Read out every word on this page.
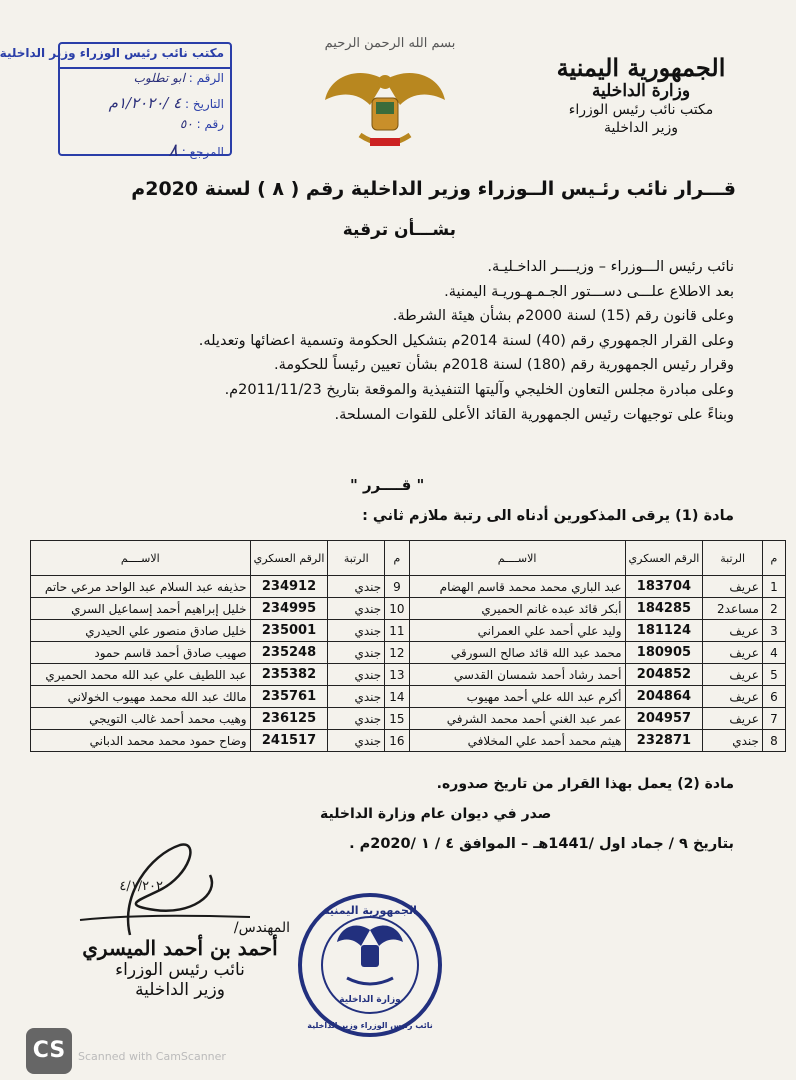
بسم الله الرحمن الرحيم
الجمهورية اليمنية
وزارة الداخلية
مكتب نائب رئيس الوزراء
وزير الداخلية
مكتب نائب رئيس الوزراء وزير الداخلية
الرقم : ابو تطلوب
التاريخ : ٤ /١/٢٠٢٠م
رقم : ٥٠
المرجع : ٨
قـــرار نائب رئـيس الــوزراء وزير الداخلية رقم ( ٨ ) لسنة 2020م
بشـــأن ترقية

نائب رئيس الـــوزراء – وزيــــر الداخـليـة.

بعد الاطلاع علـــى دســـتور الجـمـهـوريـة اليمنية.

وعلى قانون رقم (15) لسنة 2000م بشأن هيئة الشرطة.

وعلى القرار الجمهوري رقم (40) لسنة 2014م بتشكيل الحكومة وتسمية اعضائها وتعديله.

وقرار رئيس الجمهورية رقم (180) لسنة 2018م بشأن تعيين رئيساً للحكومة.

وعلى مبادرة مجلس التعاون الخليجي وآليتها التنفيذية والموقعة بتاريخ 2011/11/23م.

وبناءً على توجيهات رئيس الجمهورية القائد الأعلى للقوات المسلحة.

" قــــرر "
مادة (1) يرقى المذكورين أدناه الى رتبة ملازم ثاني :
م	الرتبة	الرقم العسكري	الاســــم	م	الرتبة	الرقم العسكري	الاســــم
1	عريف	183704	عبد الباري محمد محمد قاسم الهضام	9	جندي	234912	حذيفه عبد السلام عبد الواحد مرعي حاتم
2	مساعد2	184285	أبكر قائد عبده غانم الحميري	10	جندي	234995	خليل إبراهيم أحمد إسماعيل السري
3	عريف	181124	وليد علي أحمد علي العمراني	11	جندي	235001	خليل صادق منصور علي الحيدري
4	عريف	180905	محمد عبد الله قائد صالح السورقي	12	جندي	235248	صهيب صادق أحمد قاسم حمود
5	عريف	204852	أحمد رشاد أحمد شمسان القدسي	13	جندي	235382	عبد اللطيف علي عبد الله محمد الحميري
6	عريف	204864	أكرم عبد الله علي أحمد مهيوب	14	جندي	235761	مالك عبد الله محمد مهيوب الخولاني
7	عريف	204957	عمر عبد الغني أحمد محمد الشرفي	15	جندي	236125	وهيب محمد أحمد غالب التويجي
8	جندي	232871	هيثم محمد أحمد علي المخلافي	16	جندي	241517	وضاح حمود محمد محمد الدباني
مادة (2) يعمل بهذا القرار من تاريخ صدوره.
صدر في ديوان عام وزارة الداخلية
بتاريخ ٩ / جماد اول /1441هـ – الموافق ٤ / ١ /2020م .
٤/١/٢٠٢٠
المهندس/
أحمد بن أحمد الميسري
نائب رئيس الوزراء
وزير الداخلية
الجمهورية اليمنية
وزارة الداخلية
نائب رئيس الوزراء وزير الداخلية
CS	Scanned with CamScanner
